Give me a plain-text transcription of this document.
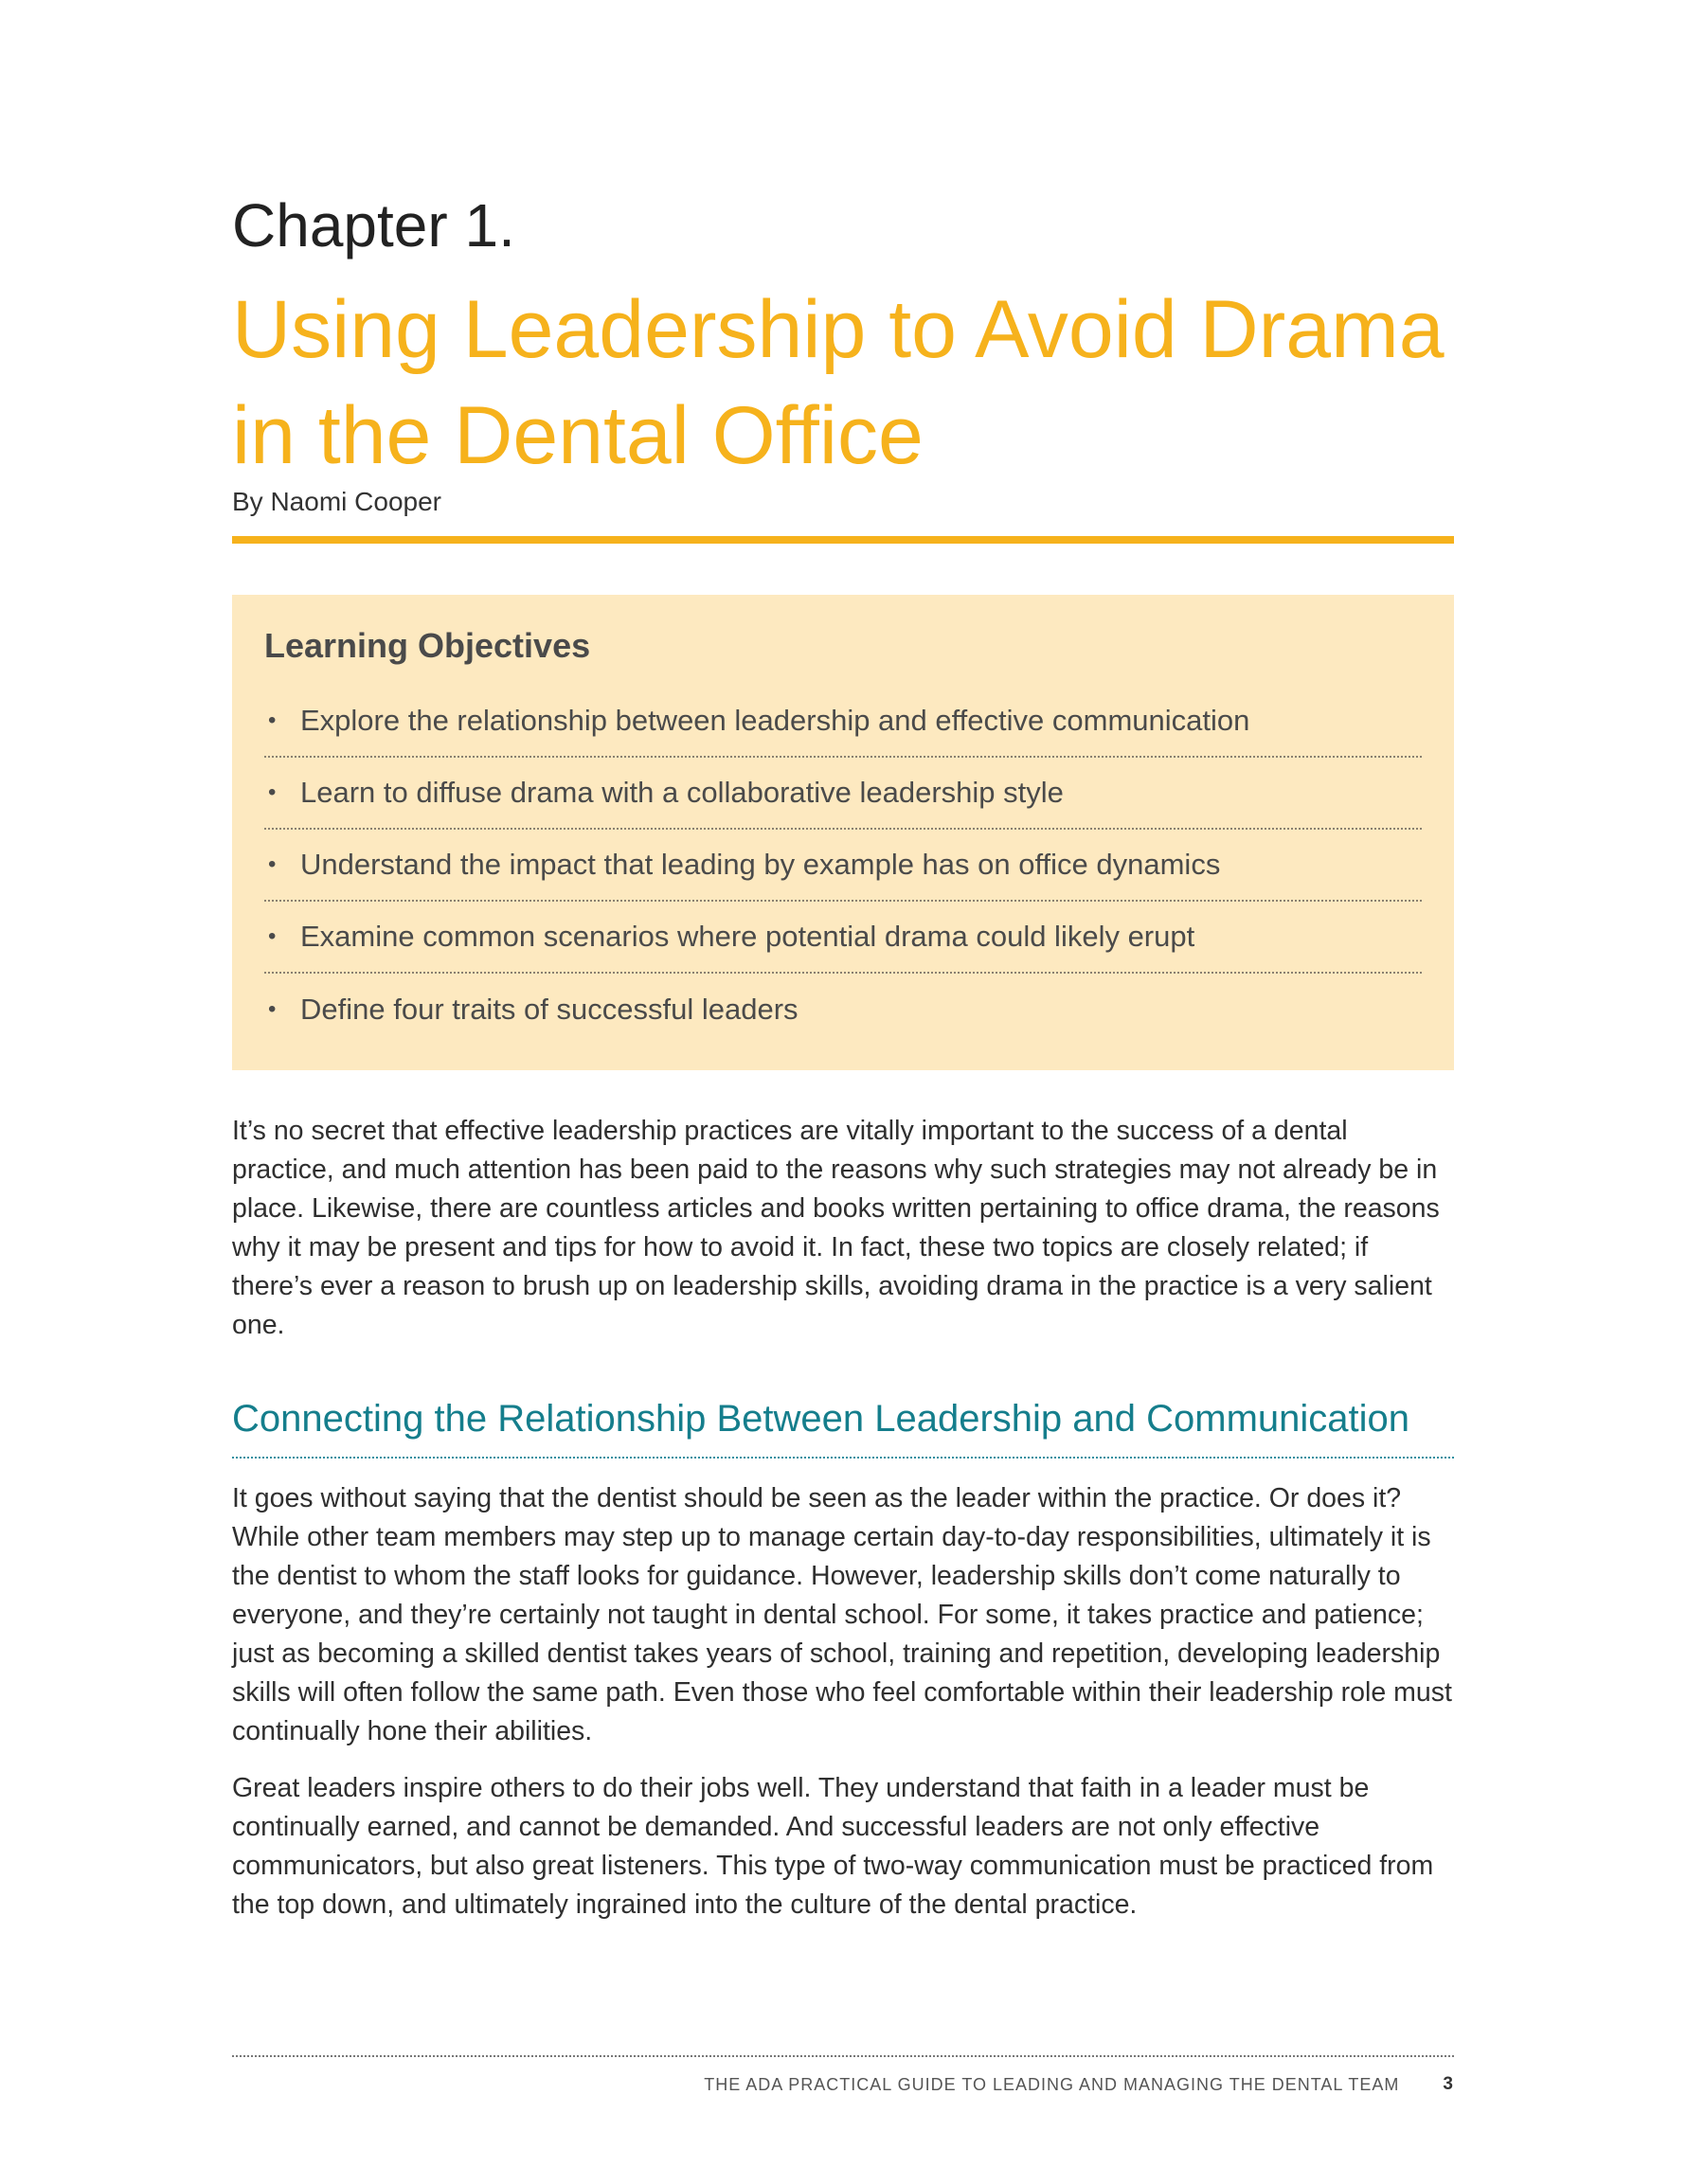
Chapter 1.
Using Leadership to Avoid Drama in the Dental Office
By Naomi Cooper
Learning Objectives
• Explore the relationship between leadership and effective communication
• Learn to diffuse drama with a collaborative leadership style
• Understand the impact that leading by example has on office dynamics
• Examine common scenarios where potential drama could likely erupt
• Define four traits of successful leaders

It’s no secret that effective leadership practices are vitally important to the success of a dental practice, and much attention has been paid to the reasons why such strategies may not already be in place. Likewise, there are countless articles and books written pertaining to office drama, the reasons why it may be present and tips for how to avoid it. In fact, these two topics are closely related; if there’s ever a reason to brush up on leadership skills, avoiding drama in the practice is a very salient one.

Connecting the Relationship Between Leadership and Communication

It goes without saying that the dentist should be seen as the leader within the practice. Or does it? While other team members may step up to manage certain day-to-day responsibilities, ultimately it is the dentist to whom the staff looks for guidance. However, leadership skills don’t come naturally to everyone, and they’re certainly not taught in dental school. For some, it takes practice and patience; just as becoming a skilled dentist takes years of school, training and repetition, developing leadership skills will often follow the same path. Even those who feel comfortable within their leadership role must continually hone their abilities.

Great leaders inspire others to do their jobs well. They understand that faith in a leader must be continually earned, and cannot be demanded. And successful leaders are not only effective communicators, but also great listeners. This type of two-way communication must be practiced from the top down, and ultimately ingrained into the culture of the dental practice.

THE ADA PRACTICAL GUIDE TO LEADING AND MANAGING THE DENTAL TEAM 3
